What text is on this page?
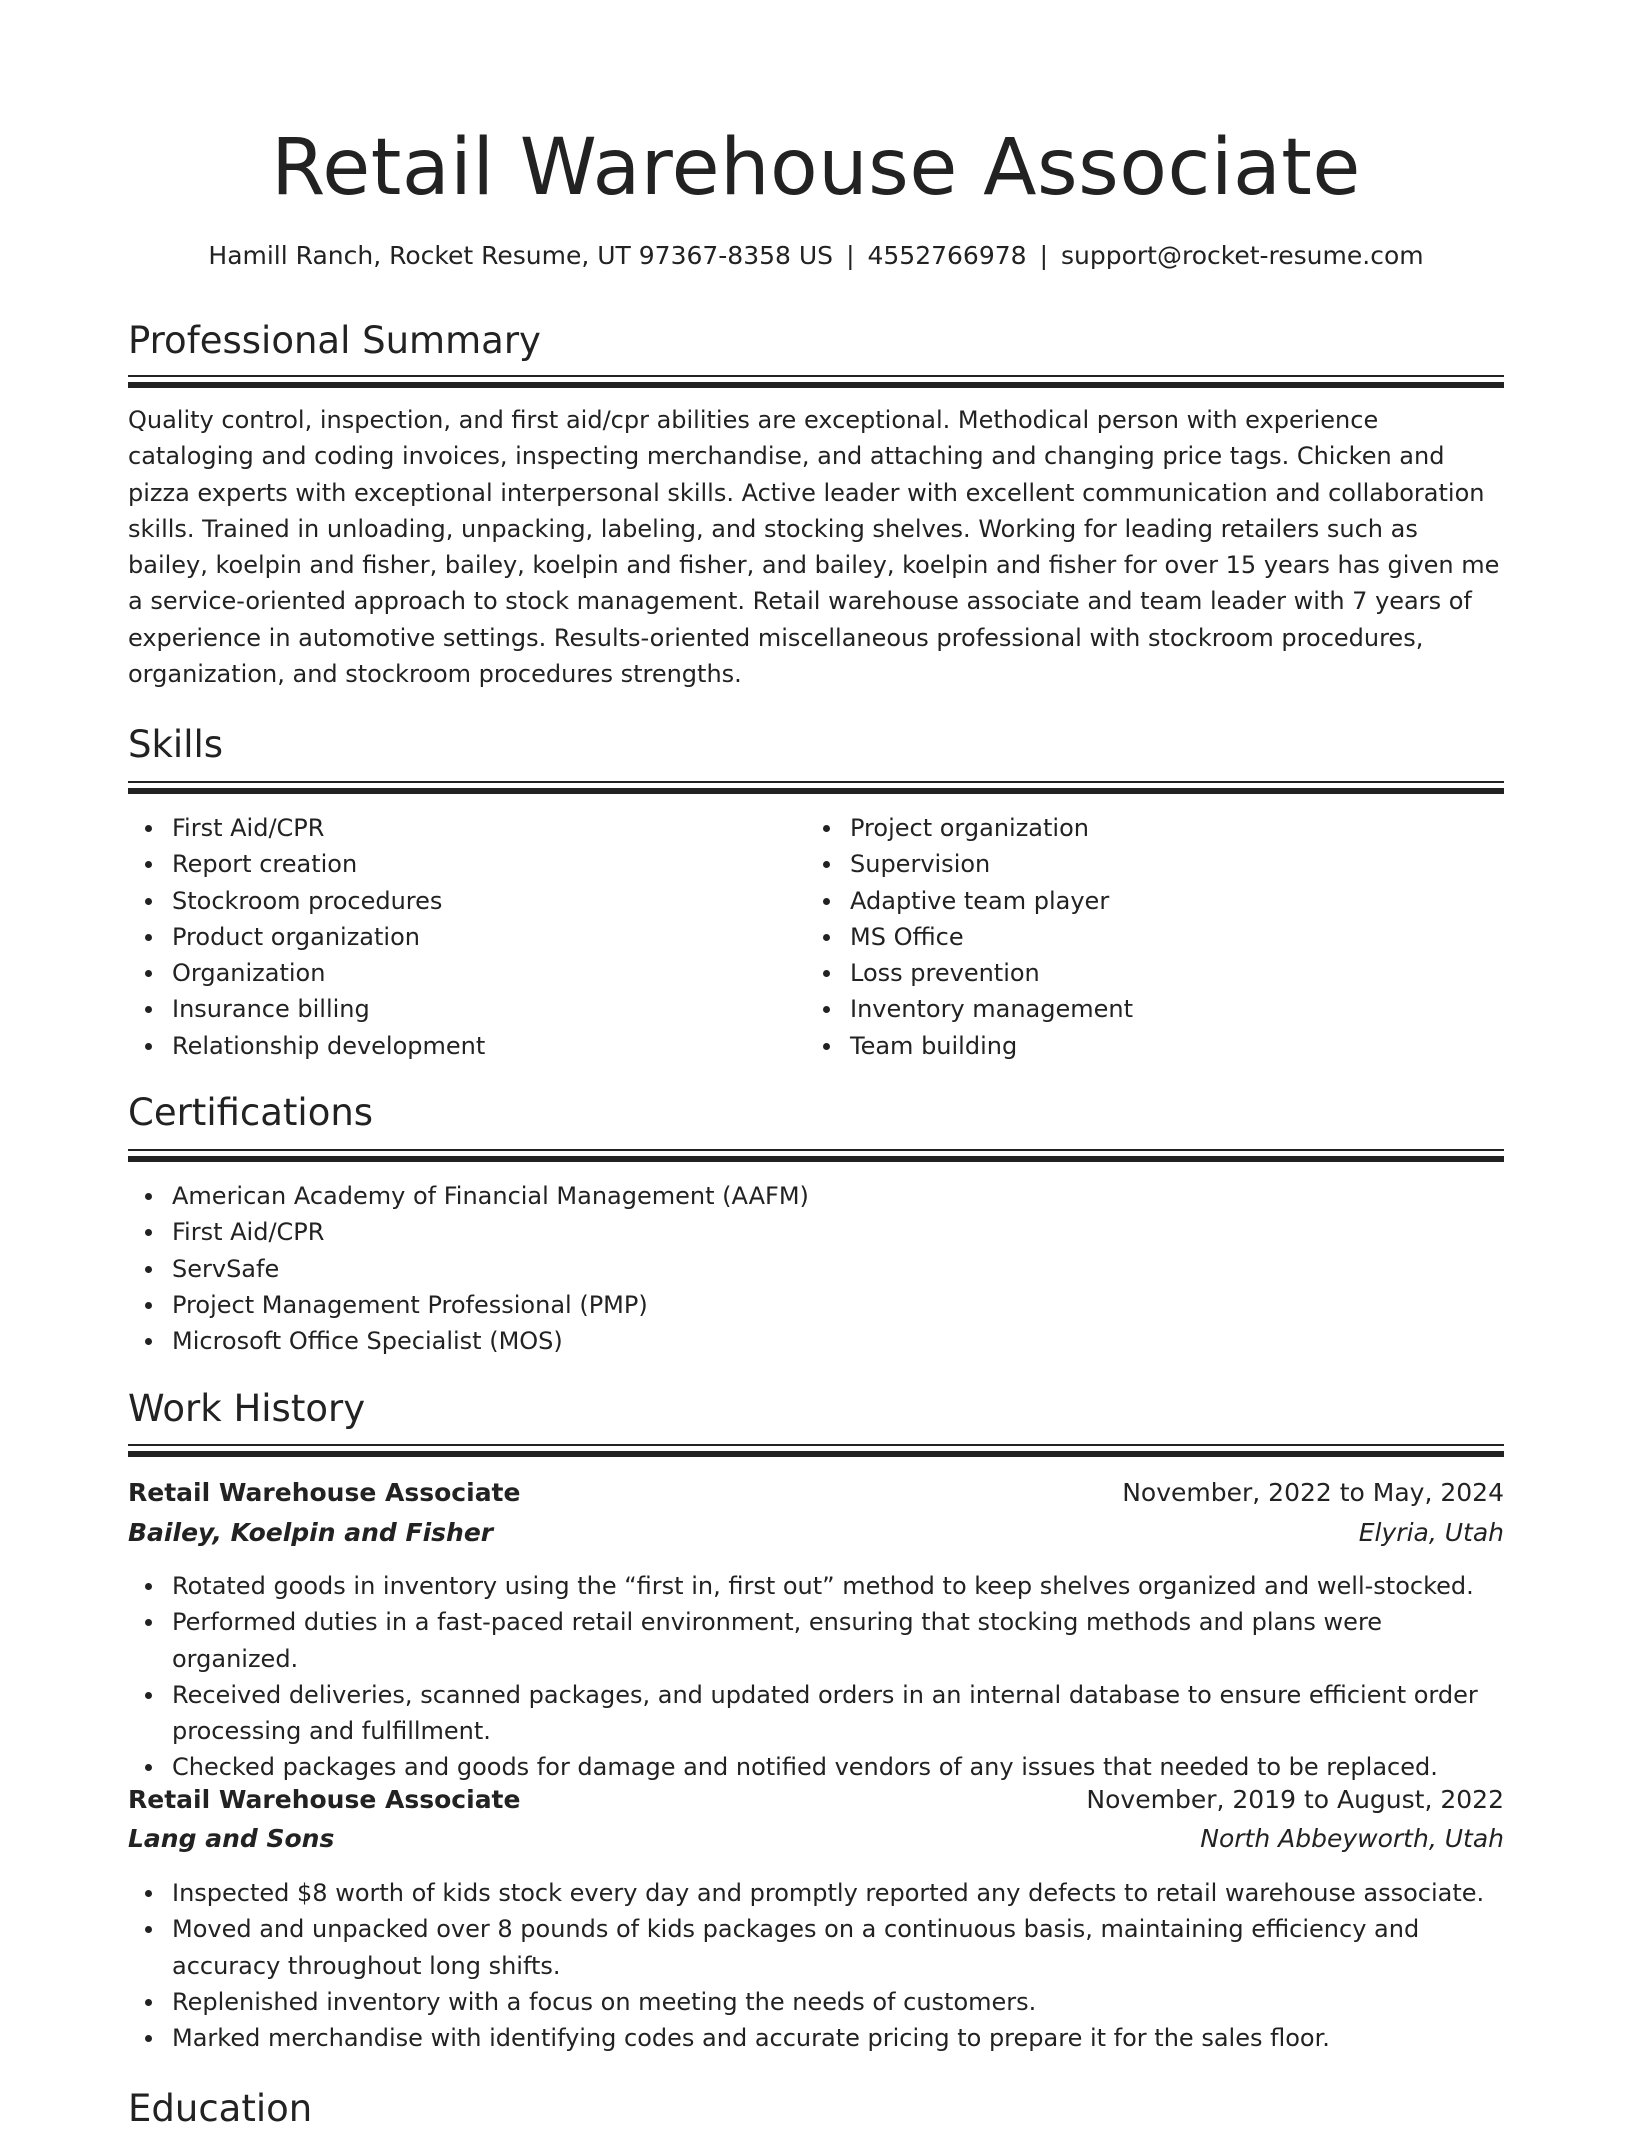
Retail Warehouse Associate
Hamill Ranch, Rocket Resume, UT 97367-8358 US | 4552766978 | support@rocket-resume.com
Professional Summary

Quality control, inspection, and first aid/cpr abilities are exceptional. Methodical person with experience cataloging and coding invoices, inspecting merchandise, and attaching and changing price tags. Chicken and pizza experts with exceptional interpersonal skills. Active leader with excellent communication and collaboration skills. Trained in unloading, unpacking, labeling, and stocking shelves. Working for leading retailers such as bailey, koelpin and fisher, bailey, koelpin and fisher, and bailey, koelpin and fisher for over 15 years has given me a service-oriented approach to stock management. Retail warehouse associate and team leader with 7 years of experience in automotive settings. Results-oriented miscellaneous professional with stockroom procedures, organization, and stockroom procedures strengths.

Skills
First Aid/CPR
Report creation
Stockroom procedures
Product organization
Organization
Insurance billing
Relationship development
Project organization
Supervision
Adaptive team player
MS Office
Loss prevention
Inventory management
Team building
Certifications
American Academy of Financial Management (AAFM)
First Aid/CPR
ServSafe
Project Management Professional (PMP)
Microsoft Office Specialist (MOS)
Work History
Retail Warehouse Associate	November, 2022 to May, 2024
Bailey, Koelpin and Fisher	Elyria, Utah
Rotated goods in inventory using the “first in, first out” method to keep shelves organized and well-stocked.
Performed duties in a fast-paced retail environment, ensuring that stocking methods and plans were organized.
Received deliveries, scanned packages, and updated orders in an internal database to ensure efficient order processing and fulfillment.
Checked packages and goods for damage and notified vendors of any issues that needed to be replaced.
Retail Warehouse Associate	November, 2019 to August, 2022
Lang and Sons	North Abbeyworth, Utah
Inspected $8 worth of kids stock every day and promptly reported any defects to retail warehouse associate.
Moved and unpacked over 8 pounds of kids packages on a continuous basis, maintaining efficiency and accuracy throughout long shifts.
Replenished inventory with a focus on meeting the needs of customers.
Marked merchandise with identifying codes and accurate pricing to prepare it for the sales floor.
Education
